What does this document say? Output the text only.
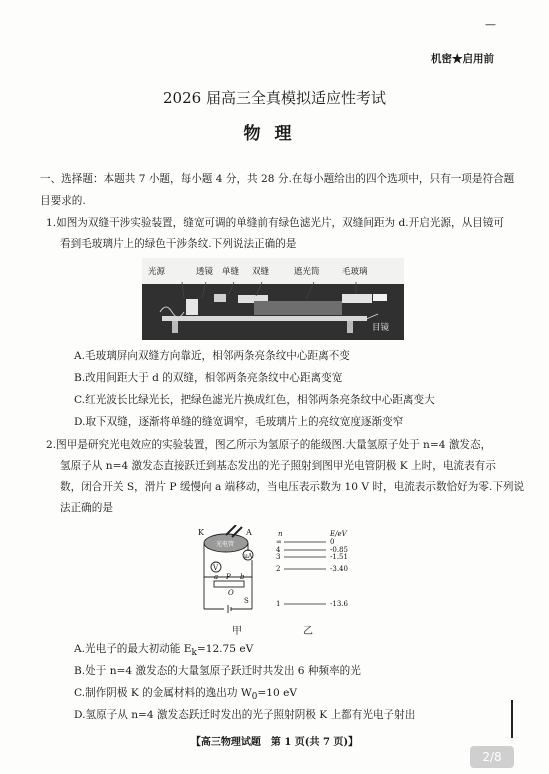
—
机密★启用前
2026 届高三全真模拟适应性考试
物理
一、选择题：本题共 7 小题，每小题 4 分，共 28 分.在每小题给出的四个选项中，只有一项是符合题
目要求的.
1.如图为双缝干涉实验装置，缝宽可调的单缝前有绿色滤光片，双缝间距为 d.开启光源，从目镜可
看到毛玻璃片上的绿色干涉条纹.下列说法正确的是
光源	透镜 单缝 双缝	遮光筒	毛玻璃
目镜
A.毛玻璃屏向双缝方向靠近，相邻两条亮条纹中心距离不变
B.改用间距大于 d 的双缝，相邻两条亮条纹中心距离变宽
C.红光波长比绿光长，把绿色滤光片换成红色，相邻两条亮条纹中心距离变大
D.取下双缝，逐渐将单缝的缝宽调窄，毛玻璃片上的亮纹宽度逐渐变窄
2.图甲是研究光电效应的实验装置，图乙所示为氢原子的能级图.大量氢原子处于 n=4 激发态，
氢原子从 n=4 激发态直接跃迁到基态发出的光子照射到图甲光电管阴极 K 上时，电流表有示
数，闭合开关 S，滑片 P 缓慢向 a 端移动，当电压表示数为 10 V 时，电流表示数恰好为零.下列说
法正确的是
K	A
光电管
μA
V
a P b
O
S
n	E/eV
∞	0
4	-0.85
3	-1.51
2	-3.40
1	-13.6
甲	乙
A.光电子的最大初动能 $E_k=12.75$ eV
B.处于 n=4 激发态的大量氢原子跃迁时共发出 6 种频率的光
C.制作阴极 K 的金属材料的逸出功 $W_0=10$ eV
D.氢原子从 n=4 激发态跃迁时发出的光子照射阴极 K 上都有光电子射出
【高三物理试题　第 1 页(共 7 页)】
2/8
